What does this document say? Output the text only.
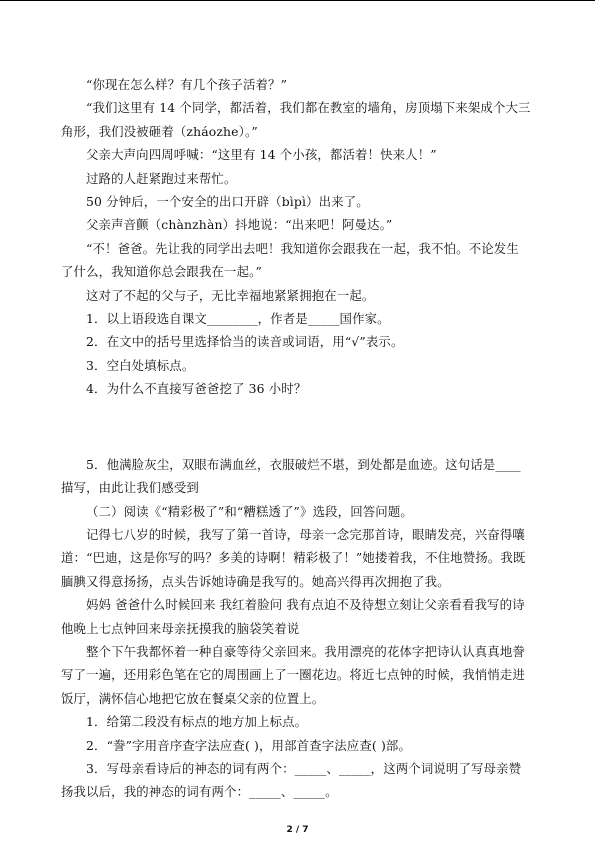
“你现在怎么样？有几个孩子活着？”
“我们这里有 14 个同学，都活着，我们都在教室的墙角，房顶塌下来架成个大三角形，我们没被砸着（zháozhe）。”
父亲大声向四周呼喊：“这里有 14 个小孩，都活着！快来人！”
过路的人赶紧跑过来帮忙。
50 分钟后，一个安全的出口开辟（bìpì）出来了。
父亲声音颤（chànzhàn）抖地说：“出来吧！阿曼达。”
“不！爸爸。先让我的同学出去吧！我知道你会跟我在一起，我不怕。不论发生了什么，我知道你总会跟我在一起。”
这对了不起的父与子，无比幸福地紧紧拥抱在一起。
1．以上语段选自课文________，作者是_____国作家。
2．在文中的括号里选择恰当的读音或词语，用“√”表示。
3．空白处填标点。
4．为什么不直接写爸爸挖了 36 小时？
5．他满脸灰尘，双眼布满血丝，衣服破烂不堪，到处都是血迹。这句话是____描写，由此让我们感受到
（二）阅读《“精彩极了”和“糟糕透了”》选段，回答问题。
记得七八岁的时候，我写了第一首诗，母亲一念完那首诗，眼睛发亮，兴奋得嚷道：“巴迪，这是你写的吗？多美的诗啊！精彩极了！”她搂着我，不住地赞扬。我既腼腆又得意扬扬，点头告诉她诗确是我写的。她高兴得再次拥抱了我。
妈妈 爸爸什么时候回来 我红着脸问 我有点迫不及待想立刻让父亲看看我写的诗 他晚上七点钟回来母亲抚摸我的脑袋笑着说
整个下午我都怀着一种自豪等待父亲回来。我用漂亮的花体字把诗认认真真地誊写了一遍，还用彩色笔在它的周围画上了一圈花边。将近七点钟的时候，我悄悄走进饭厅，满怀信心地把它放在餐桌父亲的位置上。
1．给第二段没有标点的地方加上标点。
2．“誊”字用音序查字法应查( )，用部首查字法应查( )部。
3．写母亲看诗后的神态的词有两个：_____、_____，这两个词说明了写母亲赞扬我以后，我的神态的词有两个：_____、_____。
2 / 7
